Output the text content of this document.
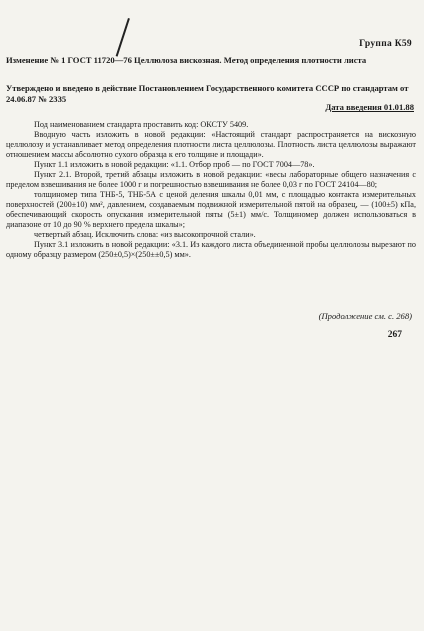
Группа К59
Изменение № 1 ГОСТ 11720—76 Целлюлоза вискозная. Метод определения плотности листа
Утверждено и введено в действие Постановлением Государственного комитета СССР по стандартам от 24.06.87 № 2335
Дата введения 01.01.88

Под наименованием стандарта проставить код: ОКСТУ 5409.

Вводную часть изложить в новой редакции: «Настоящий стандарт распространяется на вискозную целлюлозу и устанавливает метод определения плотности листа целлюлозы. Плотность листа целлюлозы выражают отношением массы абсолютно сухого образца к его толщине и площади».

Пункт 1.1 изложить в новой редакции: «1.1. Отбор проб — по ГОСТ 7004—78».

Пункт 2.1. Второй, третий абзацы изложить в новой редакции: «весы лабораторные общего назначения с пределом взвешивания не более 1000 г и погрешностью взвешивания не более 0,03 г по ГОСТ 24104—80;

толщиномер типа ТНБ-5, ТНБ-5А с ценой деления шкалы 0,01 мм, с площадью контакта измерительных поверхностей (200±10) мм², давлением, создаваемым подвижной измерительной пятой на образец, — (100±5) кПа, обеспечивающий скорость опускания измерительной пяты (5±1) мм/с. Толщиномер должен использоваться в диапазоне от 10 до 90 % верхнего предела шкалы»;

четвертый абзац. Исключить слова: «из высокопрочной стали».

Пункт 3.1 изложить в новой редакции: «3.1. Из каждого листа объединенной пробы целлюлозы вырезают по одному образцу размером (250±0,5)×(250±±0,5) мм».

(Продолжение см. с. 268)
267
